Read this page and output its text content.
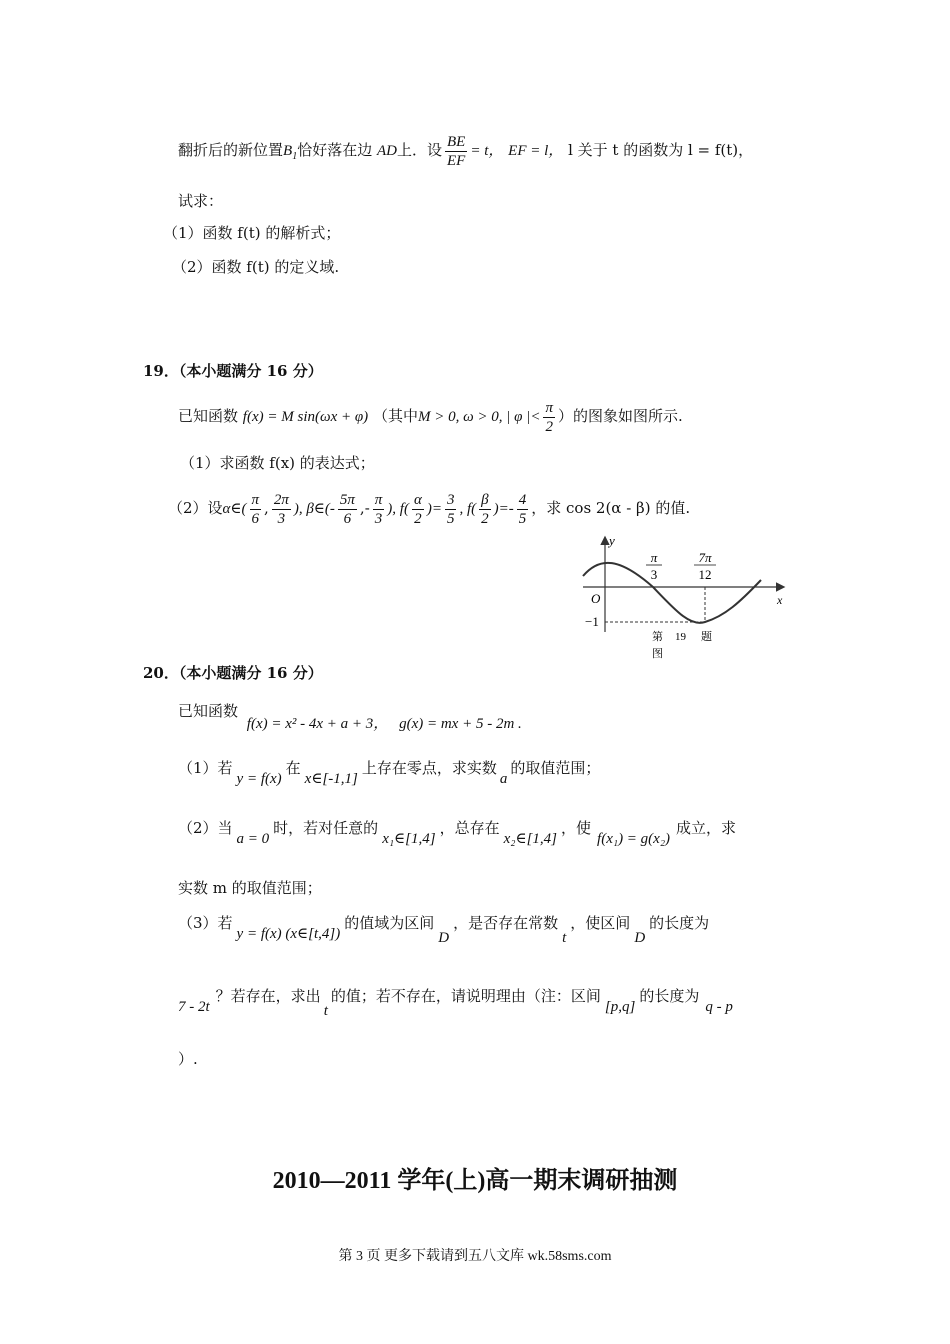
翻折后的新位置$B_1$恰好落在边 AD上．设 $\frac{BE}{EF} = t$， EF = l， l 关于 t 的函数为 l = f(t)，
试求：
（1）函数 f(t) 的解析式；
（2）函数 f(t) 的定义域.
19．（本小题满分 16 分）
已知函数 f(x) = M sin(ωx + φ) （其中M > 0, ω > 0, | φ |< $\frac{\pi}{2}$ ）的图象如图所示.
（1）求函数 f(x) 的表达式；
（2）设α∈( $\frac{\pi}{6}$ , $\frac{2\pi}{3}$ ), β∈(- $\frac{5\pi}{6}$ ,- $\frac{\pi}{3}$ ), $f( \frac{\alpha}{2}$ )= $\frac{3}{5}$ , $f( \frac{\beta}{2}$ )=- $\frac{4}{5}$ ，求 cos 2(α - β) 的值.
y
x
O
−1
π
3
7π
12
第 19 题
图
20．（本小题满分 16 分）
已知函数 f(x) = x² - 4x + a + 3， g(x) = mx + 5 - 2m .
（1）若y = f(x)在x∈[-1,1]上存在零点，求实数a的取值范围；
（2）当a = 0时，若对任意的x₁∈[1,4]，总存在x₂∈[1,4]，使f(x₁) = g(x₂)成立，求
实数 m 的取值范围；
（3）若y = f(x) (x∈[t,4])的值域为区间D，是否存在常数t，使区间D的长度为
7 - 2t？若存在，求出t的值；若不存在，请说明理由（注：区间[p,q]的长度为q - p
）.
2010—2011 学年(上)高一期末调研抽测
第 3 页 更多下载请到五八文库 wk.58sms.com
